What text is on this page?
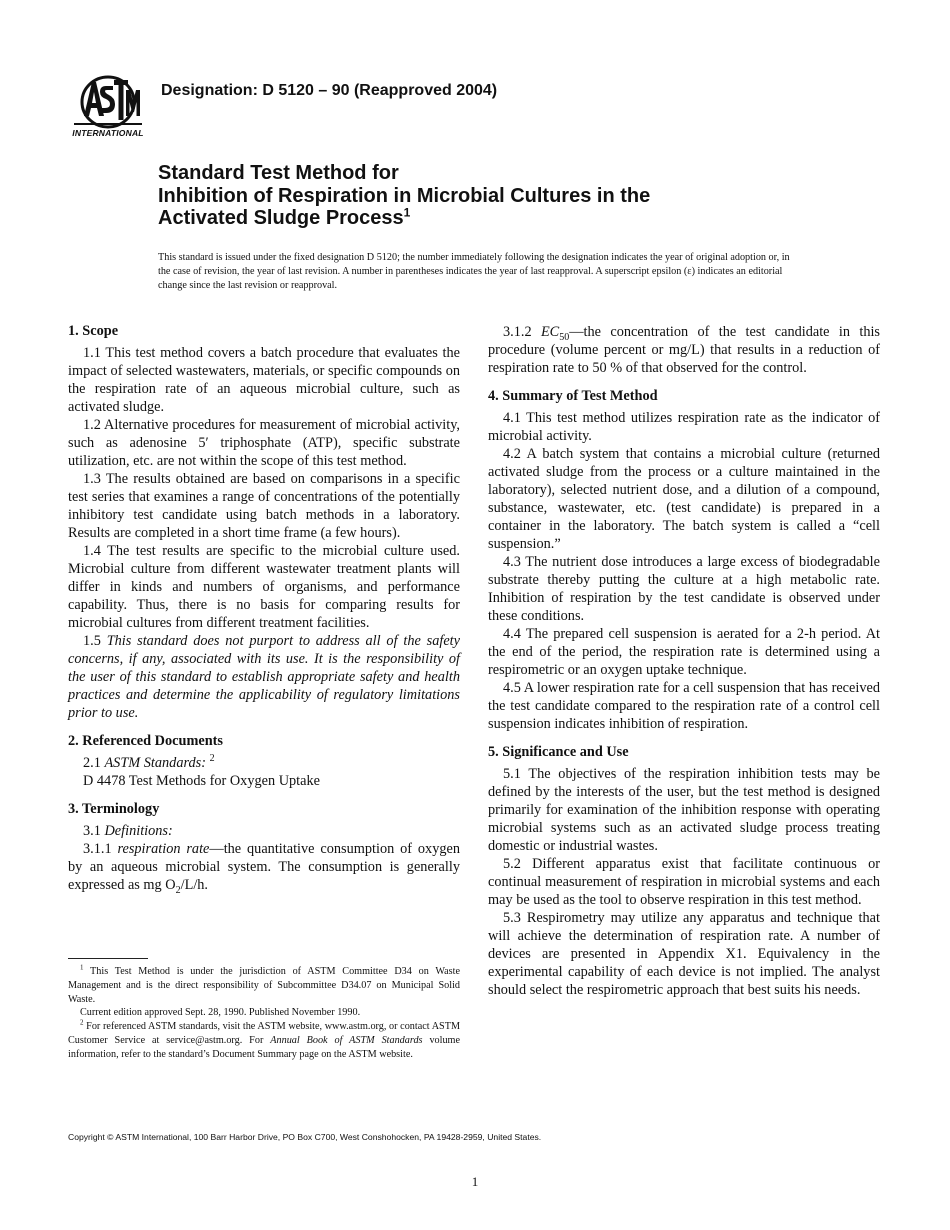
INTERNATIONAL
Designation: D 5120 – 90 (Reapproved 2004)
Standard Test Method for
Inhibition of Respiration in Microbial Cultures in the
Activated Sludge Process$^1$
This standard is issued under the fixed designation D 5120; the number immediately following the designation indicates the year of original adoption or, in the case of revision, the year of last revision. A number in parentheses indicates the year of last reapproval. A superscript epsilon (ε) indicates an editorial change since the last revision or reapproval.
1. Scope

1.1 This test method covers a batch procedure that evaluates the impact of selected wastewaters, materials, or specific compounds on the respiration rate of an aqueous microbial culture, such as activated sludge.

1.2 Alternative procedures for measurement of microbial activity, such as adenosine 5′ triphosphate (ATP), specific substrate utilization, etc. are not within the scope of this test method.

1.3 The results obtained are based on comparisons in a specific test series that examines a range of concentrations of the potentially inhibitory test candidate using batch methods in a laboratory. Results are completed in a short time frame (a few hours).

1.4 The test results are specific to the microbial culture used. Microbial culture from different wastewater treatment plants will differ in kinds and numbers of organisms, and performance capability. Thus, there is no basis for comparing results for microbial cultures from different treatment facilities.

1.5 This standard does not purport to address all of the safety concerns, if any, associated with its use. It is the responsibility of the user of this standard to establish appropriate safety and health practices and determine the applicability of regulatory limitations prior to use.

2. Referenced Documents

2.1 ASTM Standards: $^2$

D 4478 Test Methods for Oxygen Uptake

3. Terminology

3.1 Definitions:

3.1.1 respiration rate—the quantitative consumption of oxygen by an aqueous microbial system. The consumption is generally expressed as mg $O_2/L/h$.

3.1.2 $EC_{50}—the$ concentration of the test candidate in this procedure (volume percent or mg/L) that results in a reduction of respiration rate to 50 % of that observed for the control.

4. Summary of Test Method

4.1 This test method utilizes respiration rate as the indicator of microbial activity.

4.2 A batch system that contains a microbial culture (returned activated sludge from the process or a culture maintained in the laboratory), selected nutrient dose, and a dilution of a compound, substance, wastewater, etc. (test candidate) is prepared in a container in the laboratory. The batch system is called a “cell suspension.”

4.3 The nutrient dose introduces a large excess of biodegradable substrate thereby putting the culture at a high metabolic rate. Inhibition of respiration by the test candidate is observed under these conditions.

4.4 The prepared cell suspension is aerated for a 2-h period. At the end of the period, the respiration rate is determined using a respirometric or an oxygen uptake technique.

4.5 A lower respiration rate for a cell suspension that has received the test candidate compared to the respiration rate of a control cell suspension indicates inhibition of respiration.

5. Significance and Use

5.1 The objectives of the respiration inhibition tests may be defined by the interests of the user, but the test method is designed primarily for examination of the inhibition response with operating microbial systems such as an activated sludge process treating domestic or industrial wastes.

5.2 Different apparatus exist that facilitate continuous or continual measurement of respiration in microbial systems and each may be used as the tool to observe respiration in this test method.

5.3 Respirometry may utilize any apparatus and technique that will achieve the determination of respiration rate. A number of devices are presented in Appendix X1. Equivalency in the experimental capability of each device is not implied. The analyst should select the respirometric approach that best suits his needs.

$^1$ This Test Method is under the jurisdiction of ASTM Committee D34 on Waste Management and is the direct responsibility of Subcommittee D34.07 on Municipal Solid Waste.

Current edition approved Sept. 28, 1990. Published November 1990.

$^2$ For referenced ASTM standards, visit the ASTM website, www.astm.org, or contact ASTM Customer Service at service@astm.org. For Annual Book of ASTM Standards volume information, refer to the standard’s Document Summary page on the ASTM website.

Copyright © ASTM International, 100 Barr Harbor Drive, PO Box C700, West Conshohocken, PA 19428-2959, United States.
1
